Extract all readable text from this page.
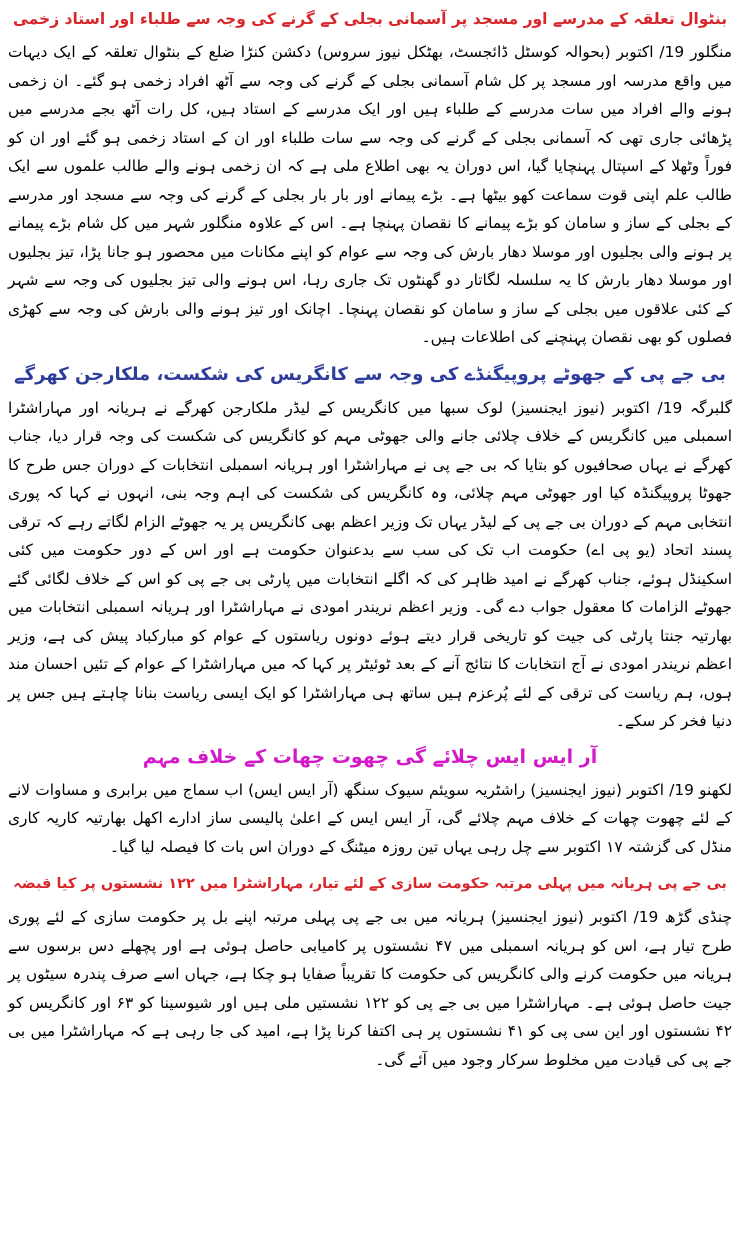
بنٹوال تعلقہ کے مدرسے اور مسجد پر آسمانی بجلی کے گرنے کی وجہ سے طلباء اور استاد زخمی

منگلور 19/ اکتوبر (بحوالہ کوسٹل ڈائجسٹ، بھٹکل نیوز سروس) دکشن کنڑا ضلع کے بنٹوال تعلقہ کے ایک دیہات میں واقع مدرسہ اور مسجد پر کل شام آسمانی بجلی کے گرنے کی وجہ سے آٹھ افراد زخمی ہو گئے۔ ان زخمی ہونے والے افراد میں سات مدرسے کے طلباء ہیں اور ایک مدرسے کے استاد ہیں، کل رات آٹھ بجے مدرسے میں پڑھائی جاری تھی کہ آسمانی بجلی کے گرنے کی وجہ سے سات طلباء اور ان کے استاد زخمی ہو گئے اور ان کو فوراً وٹھلا کے اسپتال پہنچایا گیا، اس دوران یہ بھی اطلاع ملی ہے کہ ان زخمی ہونے والے طالب علموں سے ایک طالب علم اپنی قوت سماعت کھو بیٹھا ہے۔ بڑے پیمانے اور بار بار بجلی کے گرنے کی وجہ سے مسجد اور مدرسے کے بجلی کے ساز و سامان کو بڑے پیمانے کا نقصان پہنچا ہے۔ اس کے علاوہ منگلور شہر میں کل شام بڑے پیمانے پر ہونے والی بجلیوں اور موسلا دھار بارش کی وجہ سے عوام کو اپنے مکانات میں محصور ہو جانا پڑا، تیز بجلیوں اور موسلا دھار بارش کا یہ سلسلہ لگاتار دو گھنٹوں تک جاری رہا، اس ہونے والی تیز بجلیوں کی وجہ سے شہر کے کئی علاقوں میں بجلی کے ساز و سامان کو نقصان پہنچا۔ اچانک اور تیز ہونے والی بارش کی وجہ سے کھڑی فصلوں کو بھی نقصان پہنچنے کی اطلاعات ہیں۔

بی جے پی کے جھوٹے پروپیگنڈے کی وجہ سے کانگریس کی شکست، ملکارجن کھرگے

گلبرگہ 19/ اکتوبر (نیوز ایجنسیز) لوک سبھا میں کانگریس کے لیڈر ملکارجن کھرگے نے ہریانہ اور مہاراشٹرا اسمبلی میں کانگریس کے خلاف چلائی جانے والی جھوٹی مہم کو کانگریس کی شکست کی وجہ قرار دیا، جناب کھرگے نے یہاں صحافیوں کو بتایا کہ بی جے پی نے مہاراشٹرا اور ہریانہ اسمبلی انتخابات کے دوران جس طرح کا جھوٹا پروپیگنڈہ کیا اور جھوٹی مہم چلائی، وہ کانگریس کی شکست کی اہم وجہ بنی، انہوں نے کہا کہ پوری انتخابی مہم کے دوران بی جے پی کے لیڈر یہاں تک وزیر اعظم بھی کانگریس پر یہ جھوٹے الزام لگاتے رہے کہ ترقی پسند اتحاد (یو پی اے) حکومت اب تک کی سب سے بدعنوان حکومت ہے اور اس کے دور حکومت میں کئی اسکینڈل ہوئے، جناب کھرگے نے امید ظاہر کی کہ اگلے انتخابات میں پارٹی بی جے پی کو اس کے خلاف لگائی گئے جھوٹے الزامات کا معقول جواب دے گی۔ وزیر اعظم نریندر امودی نے مہاراشٹرا اور ہریانہ اسمبلی انتخابات میں بھارتیہ جنتا پارٹی کی جیت کو تاریخی قرار دیتے ہوئے دونوں ریاستوں کے عوام کو مبارکباد پیش کی ہے، وزیر اعظم نریندر امودی نے آج انتخابات کا نتائج آنے کے بعد ٹوئیٹر پر کہا کہ میں مہاراشٹرا کے عوام کے تئیں احسان مند ہوں، ہم ریاست کی ترقی کے لئے پُرعزم ہیں ساتھ ہی مہاراشٹرا کو ایک ایسی ریاست بنانا چاہتے ہیں جس پر دنیا فخر کر سکے۔

آر ایس ایس چلائے گی چھوت چھات کے خلاف مہم

لکھنو 19/ اکتوبر (نیوز ایجنسیز) راشٹریہ سویئم سیوک سنگھ (آر ایس ایس) اب سماج میں برابری و مساوات لانے کے لئے چھوت چھات کے خلاف مہم چلائے گی، آر ایس ایس کے اعلیٰ پالیسی ساز ادارے اکھل بھارتیہ کاریہ کاری منڈل کی گزشتہ ۱۷ اکتوبر سے چل رہی یہاں تین روزہ میٹنگ کے دوران اس بات کا فیصلہ لیا گیا۔

بی جے پی ہریانہ میں پہلی مرتبہ حکومت سازی کے لئے تیار، مہاراشٹرا میں ۱۲۲ نشستوں پر کیا قبضہ

چنڈی گڑھ 19/ اکتوبر (نیوز ایجنسیز) ہریانہ میں بی جے پی پہلی مرتبہ اپنے بل پر حکومت سازی کے لئے پوری طرح تیار ہے، اس کو ہریانہ اسمبلی میں ۴۷ نشستوں پر کامیابی حاصل ہوئی ہے اور پچھلے دس برسوں سے ہریانہ میں حکومت کرنے والی کانگریس کی حکومت کا تقریباً صفایا ہو چکا ہے، جہاں اسے صرف پندرہ سیٹوں پر جیت حاصل ہوئی ہے۔ مہاراشٹرا میں بی جے پی کو ۱۲۲ نشستیں ملی ہیں اور شیوسینا کو ۶۳ اور کانگریس کو ۴۲ نشستوں اور این سی پی کو ۴۱ نشستوں پر ہی اکتفا کرنا پڑا ہے، امید کی جا رہی ہے کہ مہاراشٹرا میں بی جے پی کی قیادت میں مخلوط سرکار وجود میں آئے گی۔
